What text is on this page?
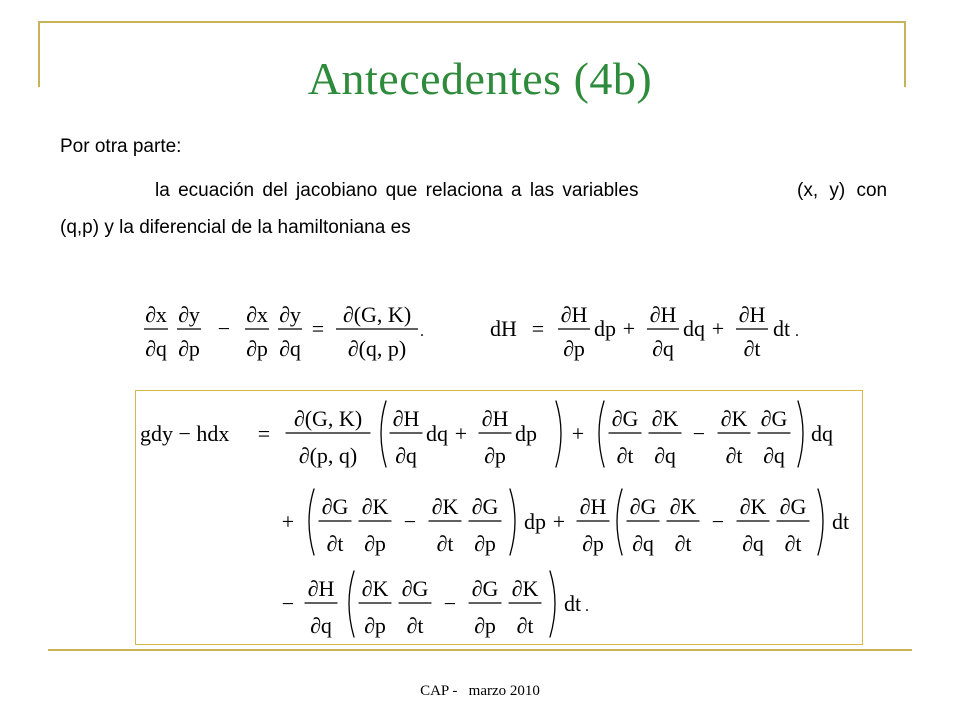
Antecedentes (4b)
Por otra parte:
la ecuación del jacobiano que relaciona a las variables	(x, y) con
(q,p) y la diferencial de la hamiltoniana es
∂x
∂q
∂y
∂p
−
∂x
∂p
∂y
∂q
=
∂(G, K)
∂(q, p)
.	dH =
∂H
∂p
dp +
∂H
∂q
dq +
∂H
∂t
dt .
gdy − hdx =
∂(G, K)
∂(p, q)
∂H
∂q
dq +
∂H
∂p
dp +
∂G
∂t
∂K
∂q
−
∂K
∂t
∂G
∂q
dq
+
∂G
∂t
∂K
∂p
−
∂K
∂t
∂G
∂p
dp +
∂H
∂p
∂G
∂q
∂K
∂t
−
∂K
∂q
∂G
∂t
dt
−
∂H
∂q
∂K
∂p
∂G
∂t
−
∂G
∂p
∂K
∂t
dt .
CAP -   marzo 2010
